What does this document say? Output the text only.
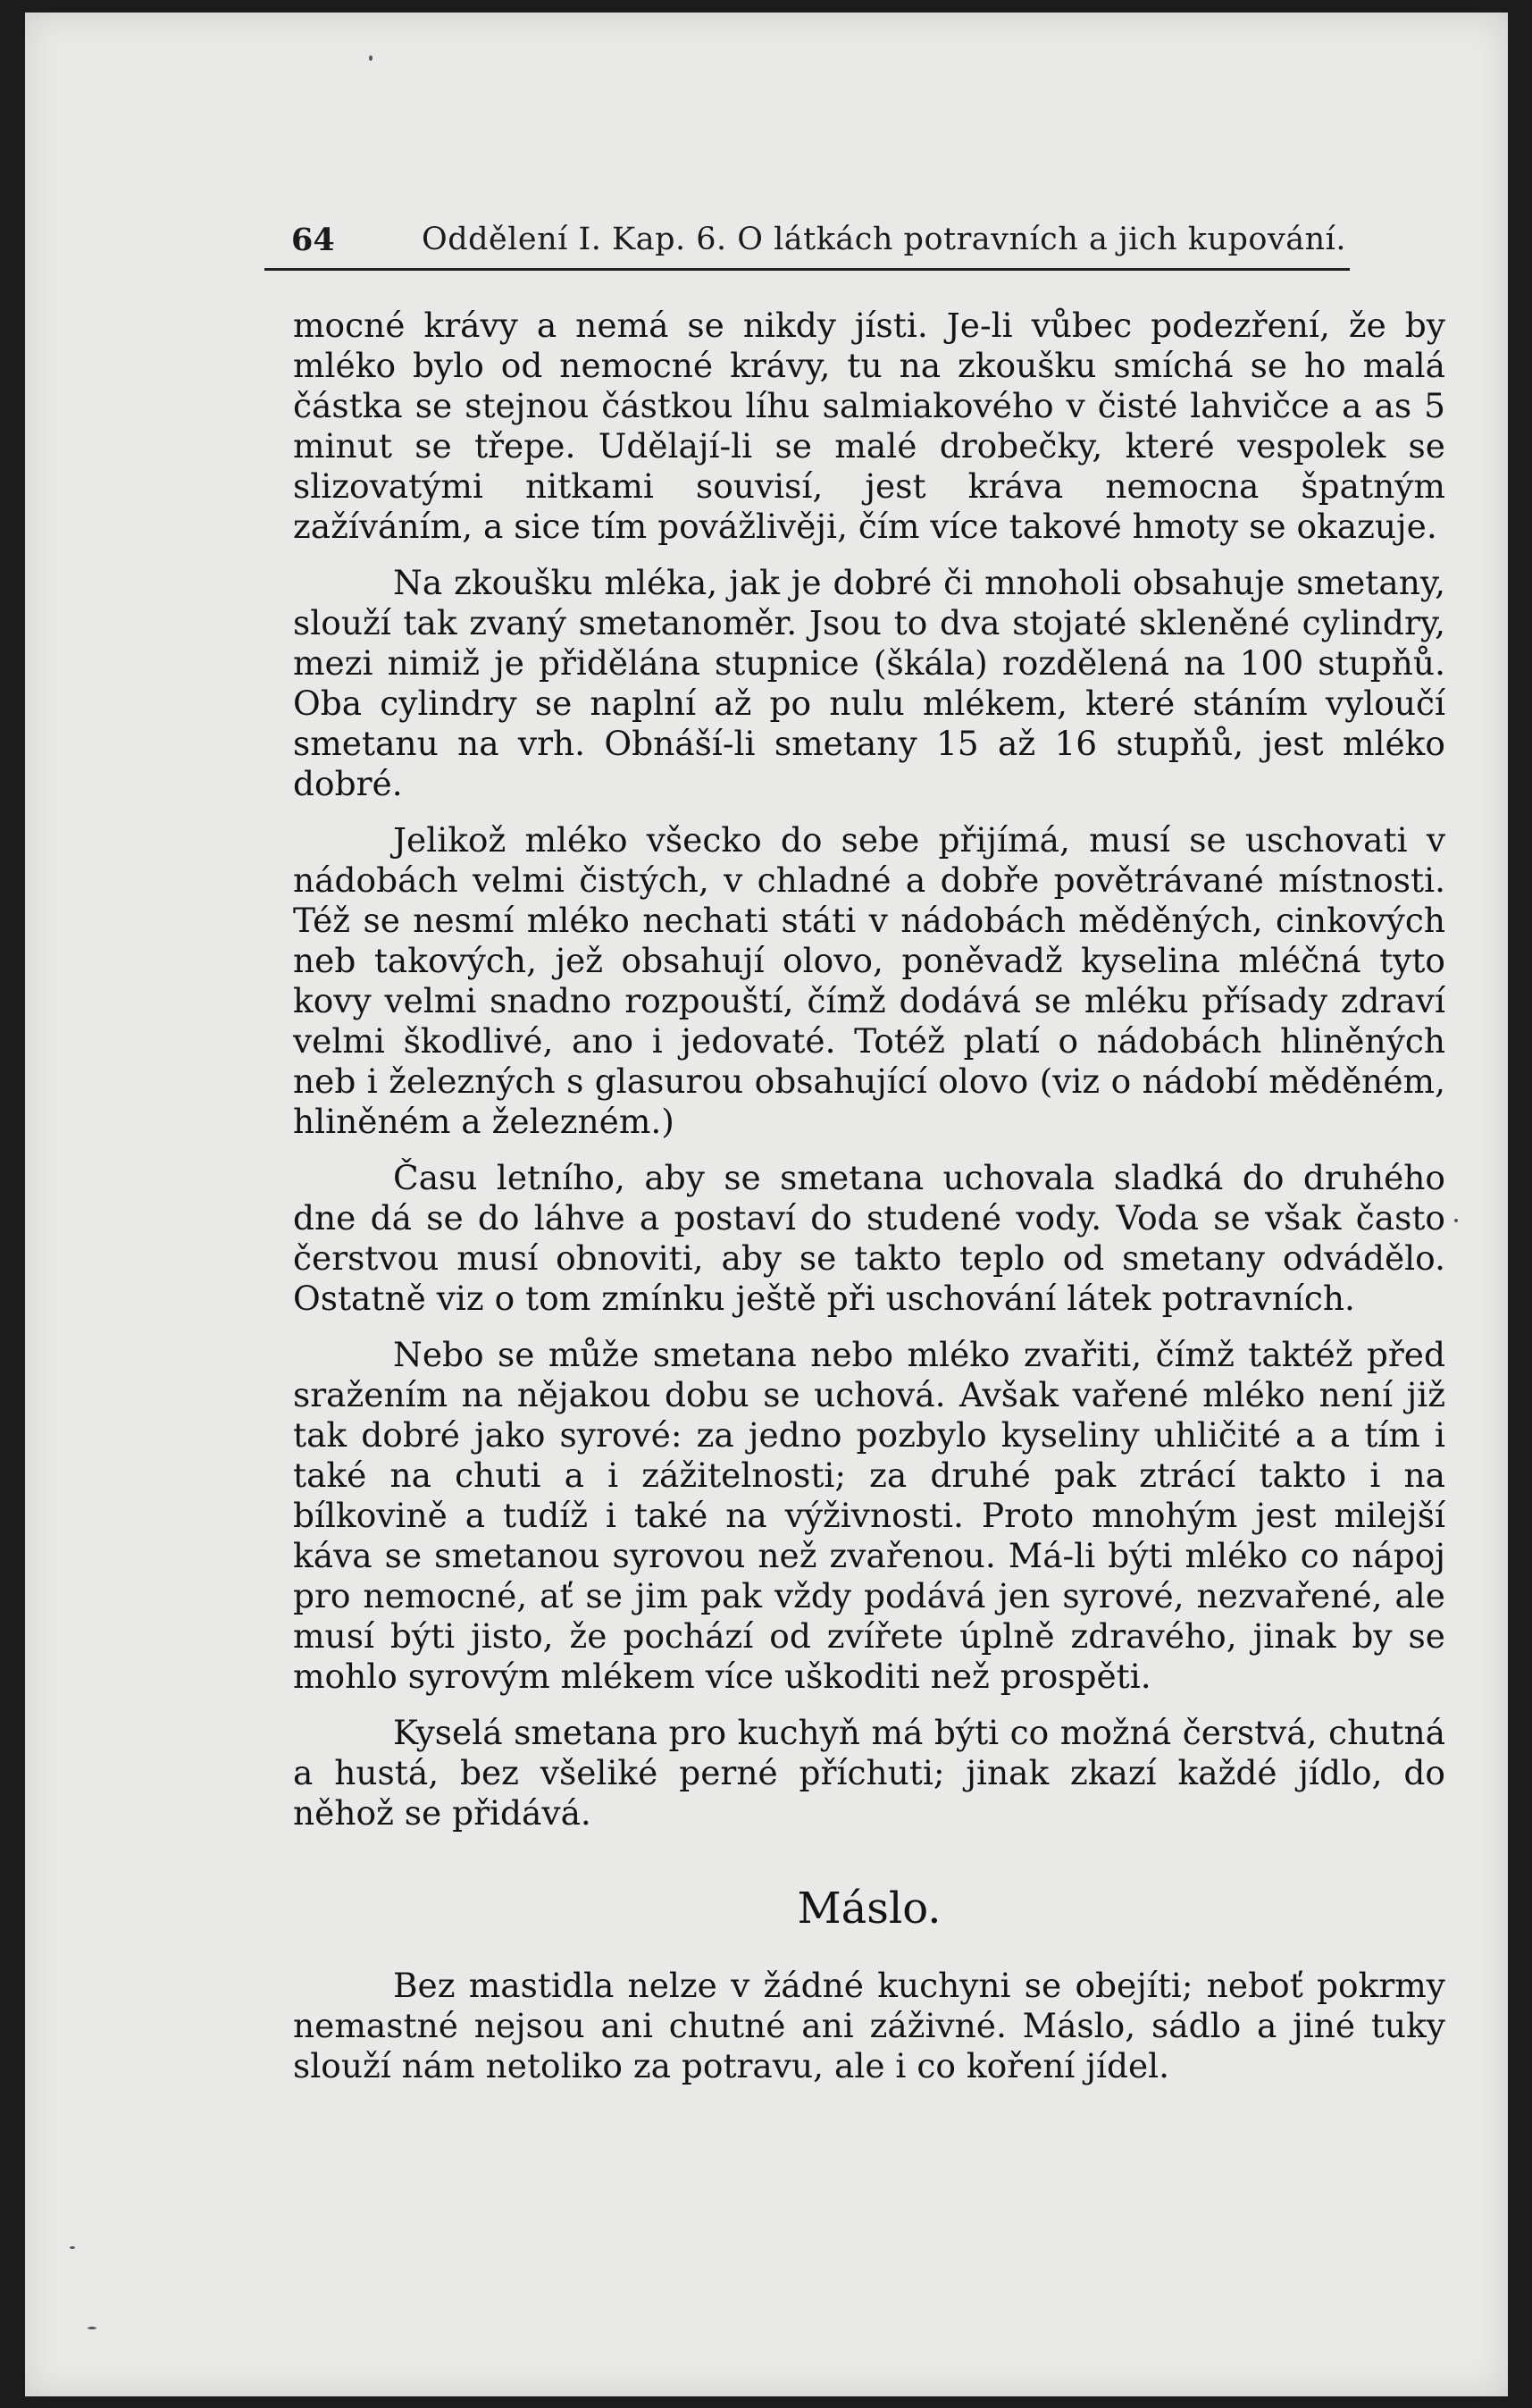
64	Oddělení I. Kap. 6. O látkách potravních a jich kupování.

mocné krávy a nemá se nikdy jísti. Je-li vůbec podezření, že by mléko bylo od nemocné krávy, tu na zkoušku smíchá se ho malá částka se stejnou částkou líhu salmiakového v čisté lahvičce a as 5 minut se třepe. Udělají-li se malé drobečky, které vespolek se slizovatými nitkami souvisí, jest kráva nemocna špatným zažíváním, a sice tím povážlivěji, čím více takové hmoty se okazuje.

Na zkoušku mléka, jak je dobré či mnoholi obsahuje smetany, slouží tak zvaný smetanoměr. Jsou to dva stojaté skleněné cylindry, mezi nimiž je přidělána stupnice (škála) rozdělená na 100 stupňů. Oba cylindry se naplní až po nulu mlékem, které stáním vyloučí smetanu na vrh. Obnáší-li smetany 15 až 16 stupňů, jest mléko dobré.

Jelikož mléko všecko do sebe přijímá, musí se uschovati v nádobách velmi čistých, v chladné a dobře povětrávané místnosti. Též se nesmí mléko nechati státi v nádobách měděných, cinkových neb takových, jež obsahují olovo, poněvadž kyselina mléčná tyto kovy velmi snadno rozpouští, čímž dodává se mléku přísady zdraví velmi škodlivé, ano i jedovaté. Totéž platí o nádobách hliněných neb i železných s glasurou obsahující olovo (viz o nádobí měděném, hliněném a železném.)

Času letního, aby se smetana uchovala sladká do druhého dne dá se do láhve a postaví do studené vody. Voda se však často čerstvou musí obnoviti, aby se takto teplo od smetany odvádělo. Ostatně viz o tom zmínku ještě při uschování látek potravních.

Nebo se může smetana nebo mléko zvařiti, čímž taktéž před sražením na nějakou dobu se uchová. Avšak vařené mléko není již tak dobré jako syrové: za jedno pozbylo kyseliny uhličité a a tím i také na chuti a i zážitelnosti; za druhé pak ztrácí takto i na bílkovině a tudíž i také na výživnosti. Proto mnohým jest milejší káva se smetanou syrovou než zvařenou. Má-li býti mléko co nápoj pro nemocné, ať se jim pak vždy podává jen syrové, nezvařené, ale musí býti jisto, že pochází od zvířete úplně zdravého, jinak by se mohlo syrovým mlékem více uškoditi než prospěti.

Kyselá smetana pro kuchyň má býti co možná čerstvá, chutná a hustá, bez všeliké perné příchuti; jinak zkazí každé jídlo, do něhož se přidává.

Máslo.

Bez mastidla nelze v žádné kuchyni se obejíti; neboť pokrmy nemastné nejsou ani chutné ani záživné. Máslo, sádlo a jiné tuky slouží nám netoliko za potravu, ale i co koření jídel.
